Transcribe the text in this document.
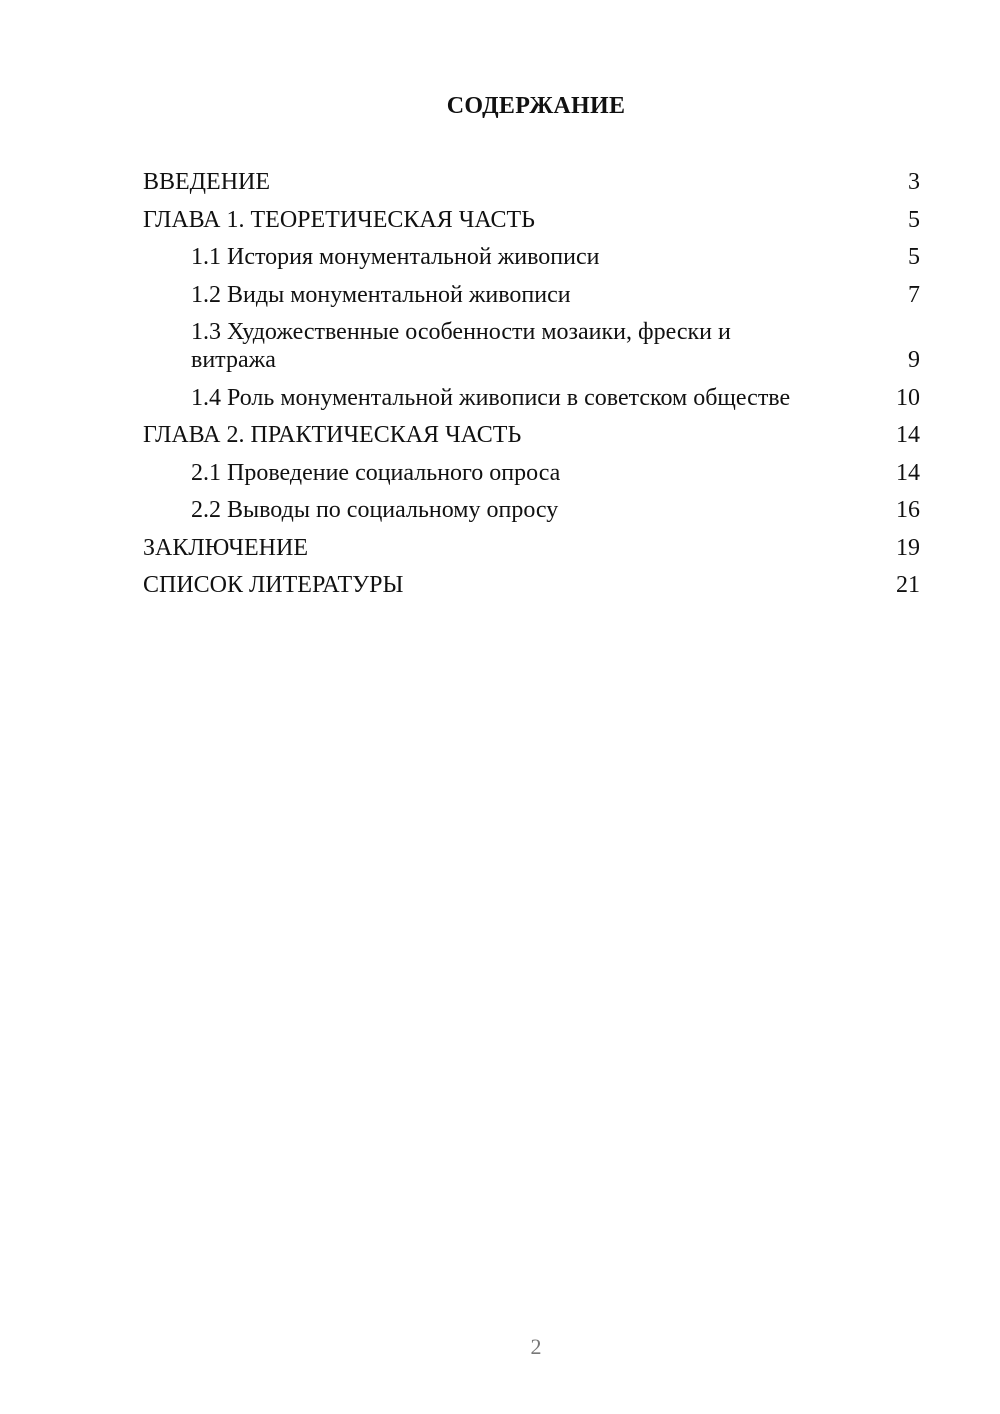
СОДЕРЖАНИЕ
ВВЕДЕНИЕ	3
ГЛАВА 1. ТЕОРЕТИЧЕСКАЯ ЧАСТЬ	5
1.1 История монументальной живописи	5
1.2 Виды монументальной живописи	7
1.3 Художественные особенности мозаики, фрески и витража	9
1.4 Роль монументальной живописи в советском обществе	10
ГЛАВА 2. ПРАКТИЧЕСКАЯ ЧАСТЬ	14
2.1 Проведение социального опроса	14
2.2 Выводы по социальному опросу	16
ЗАКЛЮЧЕНИЕ	19
СПИСОК ЛИТЕРАТУРЫ	21
2
